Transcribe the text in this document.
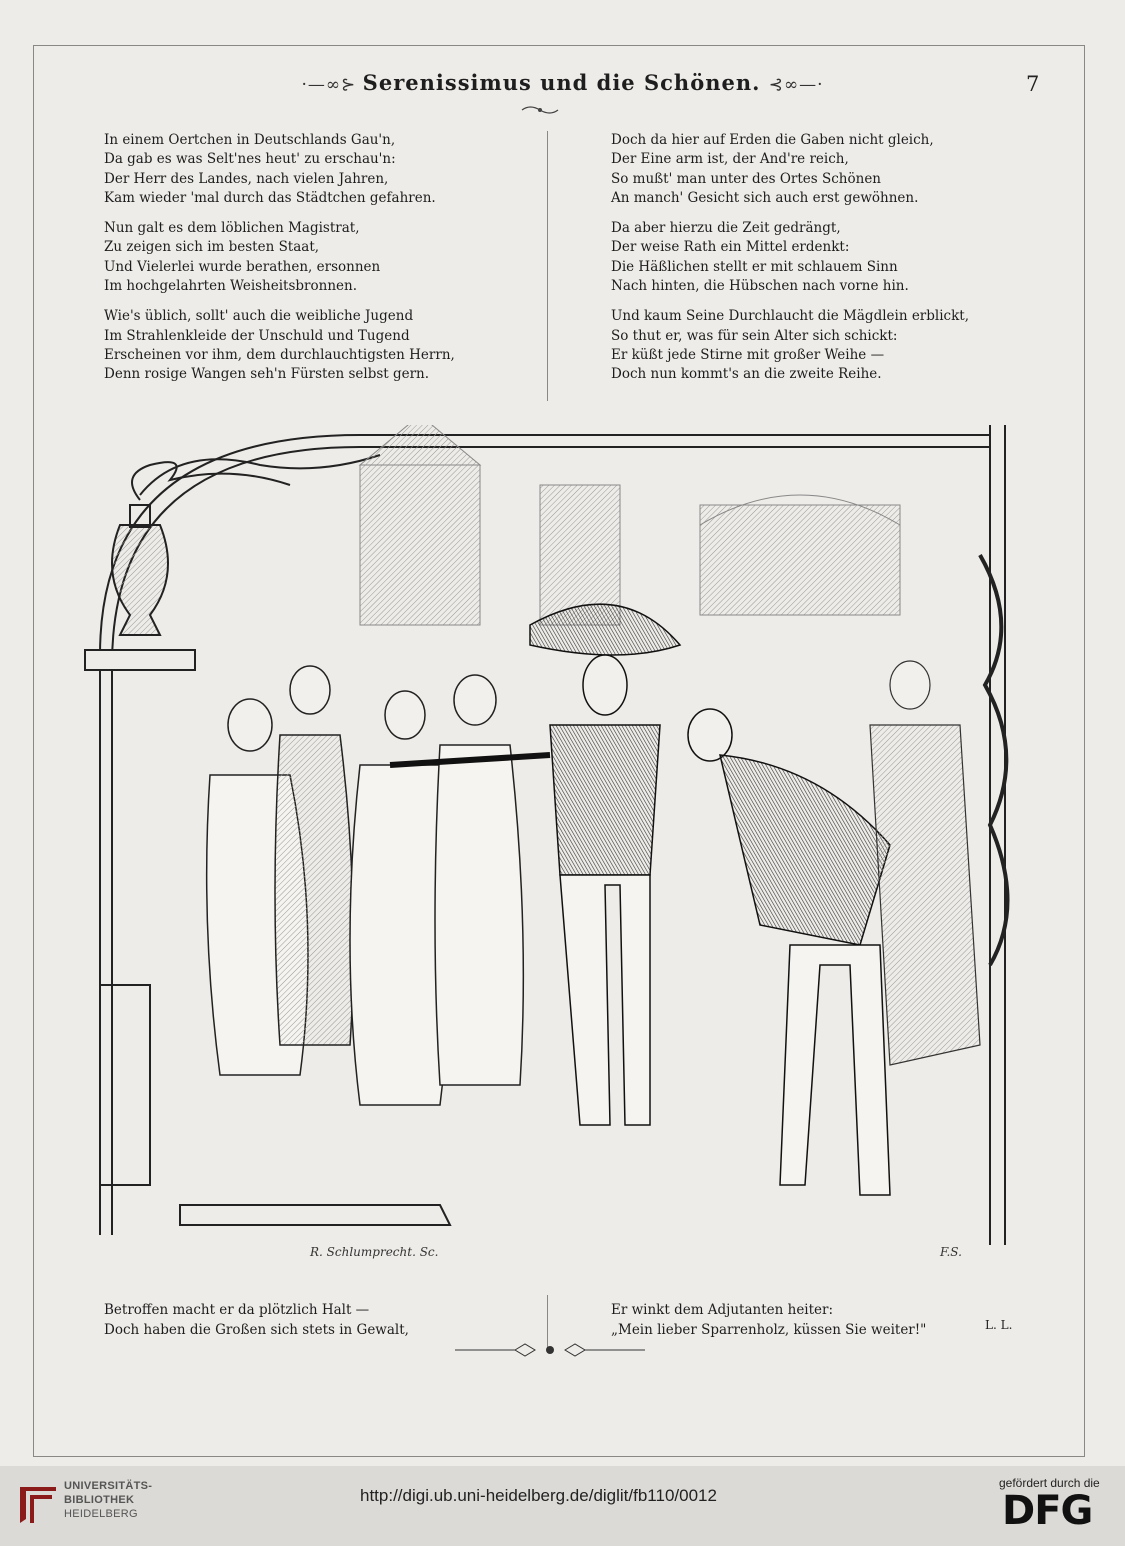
·—∞⊱ Serenissimus und die Schönen. ⊰∞—·	7
In einem Oertchen in Deutschlands Gau'n,
Da gab es was Selt'nes heut' zu erschau'n:
Der Herr des Landes, nach vielen Jahren,
Kam wieder 'mal durch das Städtchen gefahren.
Nun galt es dem löblichen Magistrat,
Zu zeigen sich im besten Staat,
Und Vielerlei wurde berathen, ersonnen
Im hochgelahrten Weisheitsbronnen.
Wie's üblich, sollt' auch die weibliche Jugend
Im Strahlenkleide der Unschuld und Tugend
Erscheinen vor ihm, dem durchlauchtigsten Herrn,
Denn rosige Wangen seh'n Fürsten selbst gern.
Doch da hier auf Erden die Gaben nicht gleich,
Der Eine arm ist, der And're reich,
So mußt' man unter des Ortes Schönen
An manch' Gesicht sich auch erst gewöhnen.
Da aber hierzu die Zeit gedrängt,
Der weise Rath ein Mittel erdenkt:
Die Häßlichen stellt er mit schlauem Sinn
Nach hinten, die Hübschen nach vorne hin.
Und kaum Seine Durchlaucht die Mägdlein erblickt,
So thut er, was für sein Alter sich schickt:
Er küßt jede Stirne mit großer Weihe —
Doch nun kommt's an die zweite Reihe.
R. Schlumprecht. Sc.	F.S.
Betroffen macht er da plötzlich Halt —
Doch haben die Großen sich stets in Gewalt,
Er winkt dem Adjutanten heiter:
„Mein lieber Sparrenholz, küssen Sie weiter!"	L. L.
UNIVERSITÄTS-
BIBLIOTHEK
HEIDELBERG
http://digi.ub.uni-heidelberg.de/diglit/fb110/0012
gefördert durch die
DFG
